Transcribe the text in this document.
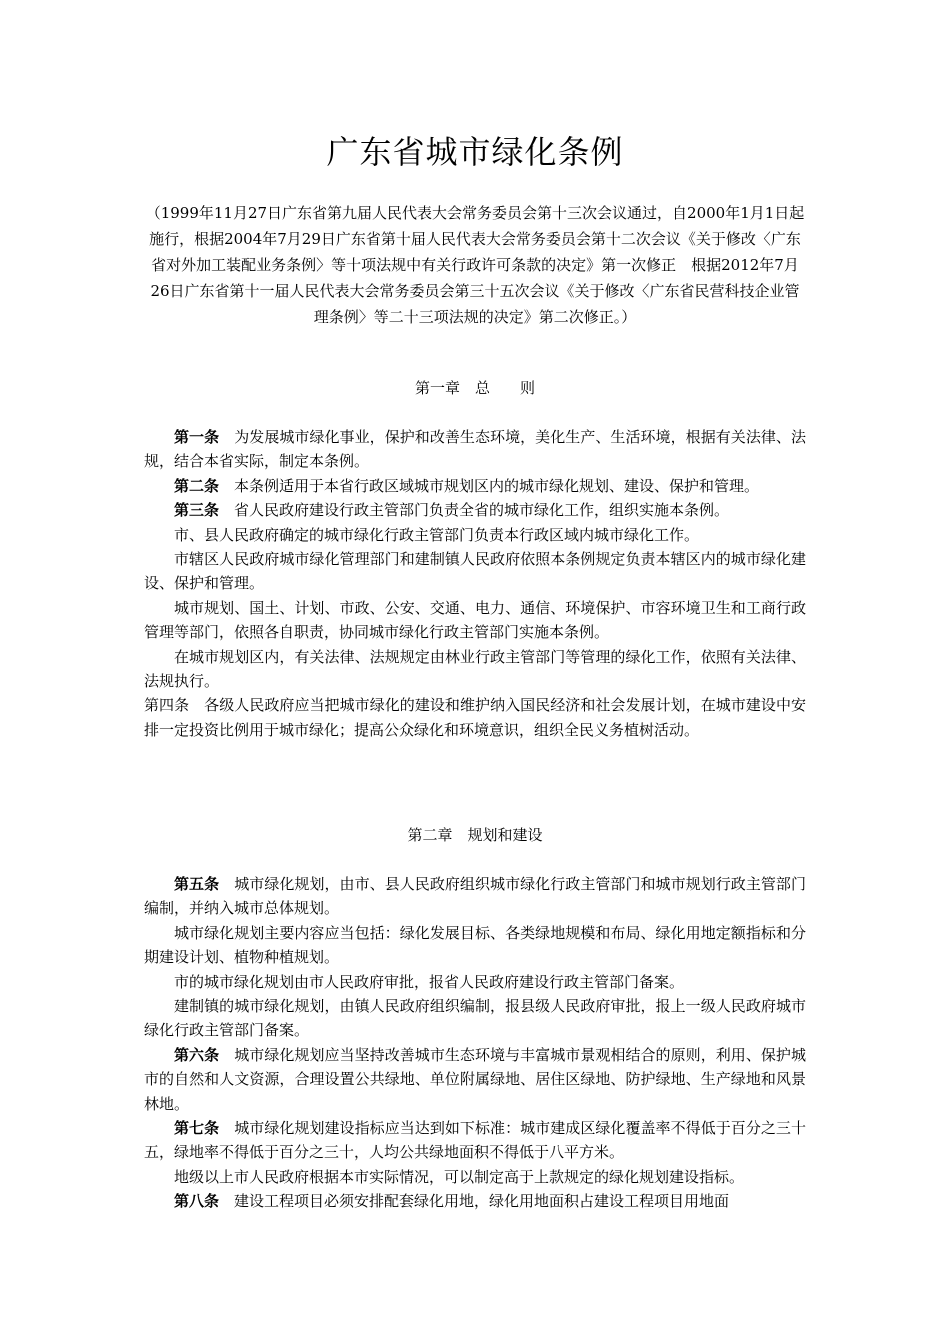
广东省城市绿化条例

（1999年11月27日广东省第九届人民代表大会常务委员会第十三次会议通过，自2000年1月1日起施行，根据2004年7月29日广东省第十届人民代表大会常务委员会第十二次会议《关于修改〈广东省对外加工装配业务条例〉等十项法规中有关行政许可条款的决定》第一次修正　根据2012年7月26日广东省第十一届人民代表大会常务委员会第三十五次会议《关于修改〈广东省民营科技企业管理条例〉等二十三项法规的决定》第二次修正。）

第一章　总　　则

第一条　 为发展城市绿化事业，保护和改善生态环境，美化生产、生活环境，根据有关法律、法规，结合本省实际，制定本条例。

第二条　 本条例适用于本省行政区域城市规划区内的城市绿化规划、建设、保护和管理。

第三条　 省人民政府建设行政主管部门负责全省的城市绿化工作，组织实施本条例。

市、县人民政府确定的城市绿化行政主管部门负责本行政区域内城市绿化工作。

市辖区人民政府城市绿化管理部门和建制镇人民政府依照本条例规定负责本辖区内的城市绿化建设、保护和管理。

城市规划、国土、计划、市政、公安、交通、电力、通信、环境保护、市容环境卫生和工商行政管理等部门，依照各自职责，协同城市绿化行政主管部门实施本条例。

在城市规划区内，有关法律、法规规定由林业行政主管部门等管理的绿化工作，依照有关法律、法规执行。

第四条　各级人民政府应当把城市绿化的建设和维护纳入国民经济和社会发展计划，在城市建设中安排一定投资比例用于城市绿化；提高公众绿化和环境意识，组织全民义务植树活动。

第二章　规划和建设

第五条　 城市绿化规划，由市、县人民政府组织城市绿化行政主管部门和城市规划行政主管部门编制，并纳入城市总体规划。

城市绿化规划主要内容应当包括：绿化发展目标、各类绿地规模和布局、绿化用地定额指标和分期建设计划、植物种植规划。

市的城市绿化规划由市人民政府审批，报省人民政府建设行政主管部门备案。

建制镇的城市绿化规划，由镇人民政府组织编制，报县级人民政府审批，报上一级人民政府城市绿化行政主管部门备案。

第六条　 城市绿化规划应当坚持改善城市生态环境与丰富城市景观相结合的原则，利用、保护城市的自然和人文资源，合理设置公共绿地、单位附属绿地、居住区绿地、防护绿地、生产绿地和风景林地。

第七条　 城市绿化规划建设指标应当达到如下标准：城市建成区绿化覆盖率不得低于百分之三十五，绿地率不得低于百分之三十，人均公共绿地面积不得低于八平方米。

地级以上市人民政府根据本市实际情况，可以制定高于上款规定的绿化规划建设指标。

第八条　 建设工程项目必须安排配套绿化用地，绿化用地面积占建设工程项目用地面
